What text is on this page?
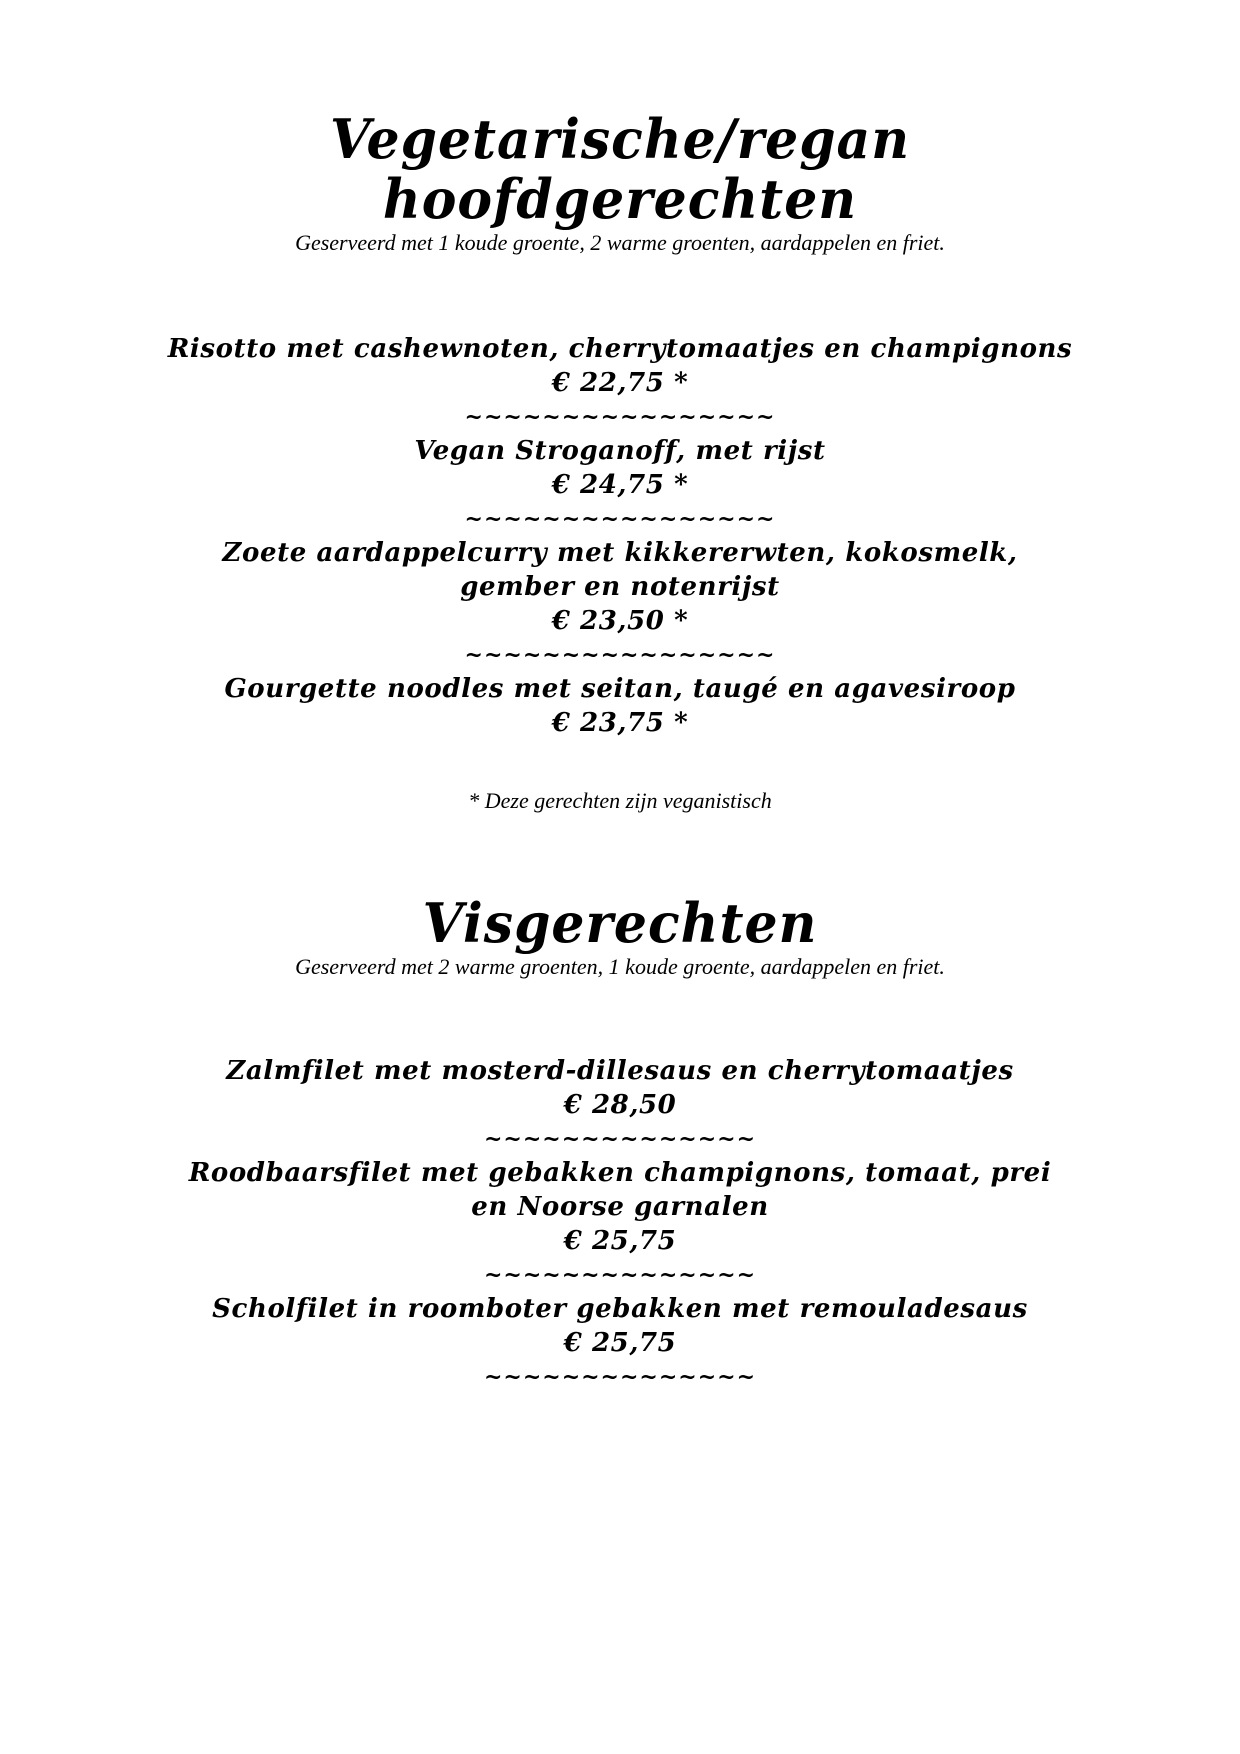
Vegetarische/regan

hoofdgerechten

Geserveerd met 1 koude groente, 2 warme groenten, aardappelen en friet.

Risotto met cashewnoten, cherrytomaatjes en champignons

€ 22,75 *

~~~~~~~~~~~~~~~~

Vegan Stroganoff, met rijst

€ 24,75 *

~~~~~~~~~~~~~~~~

Zoete aardappelcurry met kikkererwten, kokosmelk,

gember en notenrijst

€ 23,50 *

~~~~~~~~~~~~~~~~

Gourgette noodles met seitan, taugé en agavesiroop

€ 23,75 *

* Deze gerechten zijn veganistisch

Visgerechten

Geserveerd met 2 warme groenten, 1 koude groente, aardappelen en friet.

Zalmfilet met mosterd-dillesaus en cherrytomaatjes

€ 28,50

~~~~~~~~~~~~~~

Roodbaarsfilet met gebakken champignons, tomaat, prei

en Noorse garnalen

€ 25,75

~~~~~~~~~~~~~~

Scholfilet in roomboter gebakken met remouladesaus

€ 25,75

~~~~~~~~~~~~~~
